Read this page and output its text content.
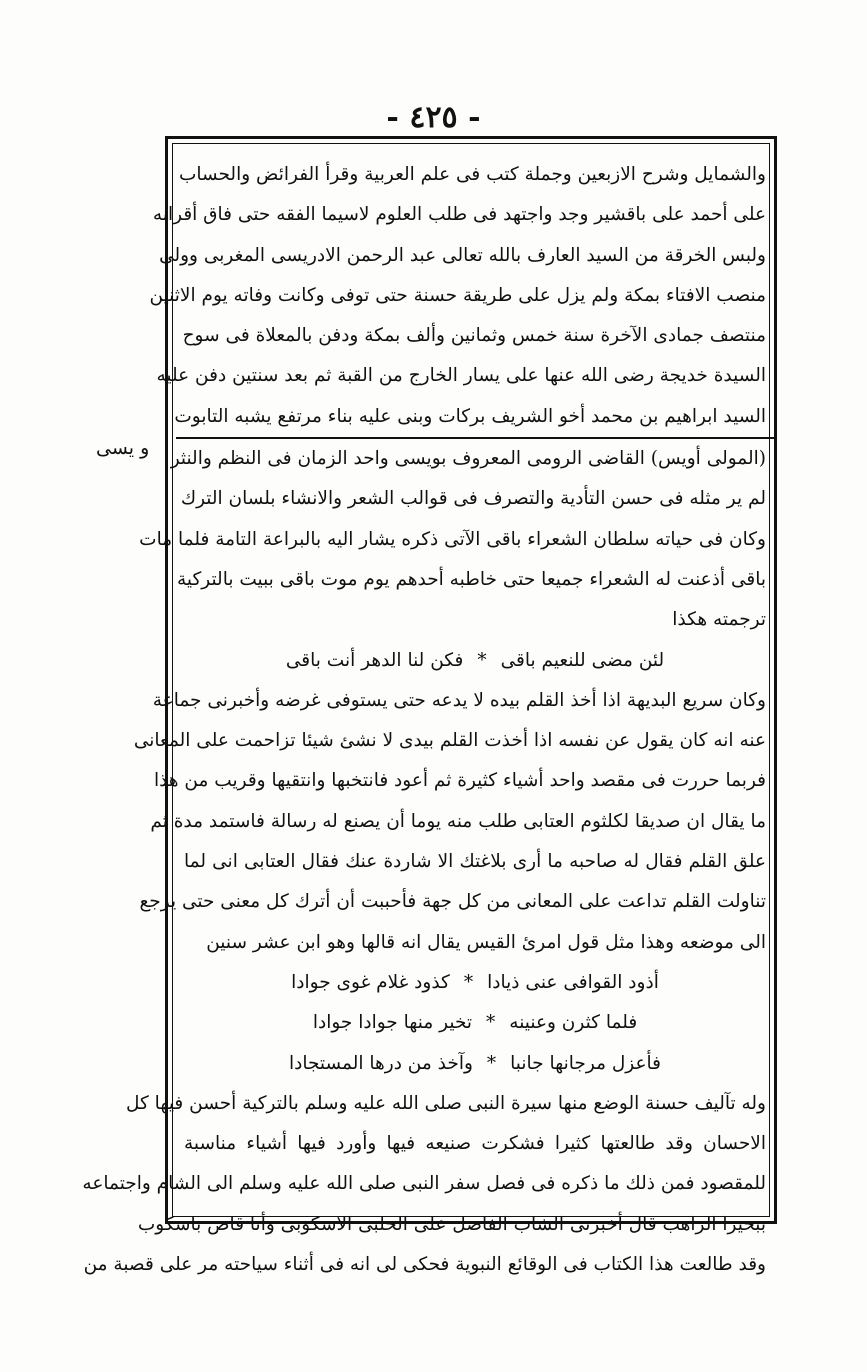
- ٤٢٥ -
و يسى
والشمايل وشرح الازبعين وجملة كتب فى علم العربية وقرأ الفرائض والحساب
على أحمد على باقشير وجد واجتهد فى طلب العلوم لاسيما الفقه حتى فاق أقرانه
ولبس الخرقة من السيد العارف بالله تعالى عبد الرحمن الادريسى المغربى وولى
منصب الافتاء بمكة ولم يزل على طريقة حسنة حتى توفى وكانت وفاته يوم الاثنين
منتصف جمادى الآخرة سنة خمس وثمانين وألف بمكة ودفن بالمعلاة فى سوح
السيدة خديجة رضى الله عنها على يسار الخارج من القبة ثم بعد سنتين دفن عليه
السيد ابراهيم بن محمد أخو الشريف بركات وبنى عليه بناء مرتفع يشبه التابوت
(المولى أويس) القاضى الرومى المعروف بويسى واحد الزمان فى النظم والنثر
لم ير مثله فى حسن التأدية والتصرف فى قوالب الشعر والانشاء بلسان الترك
وكان فى حياته سلطان الشعراء باقى الآتى ذكره يشار اليه بالبراعة التامة فلما مات
باقى أذعنت له الشعراء جميعا حتى خاطبه أحدهم يوم موت باقى ببيت بالتركية
ترجمته هكذا
لئن مضى للنعيم باقى*فكن لنا الدهر أنت باقى
وكان سريع البديهة اذا أخذ القلم بيده لا يدعه حتى يستوفى غرضه وأخبرنى جماعة
عنه انه كان يقول عن نفسه اذا أخذت القلم بيدى لا نشئ شيئا تزاحمت على المعانى
فربما حررت فى مقصد واحد أشياء كثيرة ثم أعود فانتخبها وانتقيها وقريب من هذا
ما يقال ان صديقا لكلثوم العتابى طلب منه يوما أن يصنع له رسالة فاستمد مدة ثم
علق القلم فقال له صاحبه ما أرى بلاغتك الا شاردة عنك فقال العتابى انى لما
تناولت القلم تداعت على المعانى من كل جهة فأحببت أن أترك كل معنى حتى يرجع
الى موضعه وهذا مثل قول امرئ القيس يقال انه قالها وهو ابن عشر سنين
أذود القوافى عنى ذيادا*كذود غلام غوى جوادا
فلما كثرن وعنينه*تخير منها جوادا جوادا
فأعزل مرجانها جانبا*وآخذ من درها المستجادا
وله تآليف حسنة الوضع منها سيرة النبى صلى الله عليه وسلم بالتركية أحسن فيها كل
الاحسان وقد طالعتها كثيرا فشكرت صنيعه فيها وأورد فيها أشياء مناسبة
للمقصود فمن ذلك ما ذكره فى فصل سفر النبى صلى الله عليه وسلم الى الشام واجتماعه
ببحيرا الراهب قال أخبرنى الشاب الفاضل على الحلبى الاسكوبى وأنا قاض باسكوب
وقد طالعت هذا الكتاب فى الوقائع النبوية فحكى لى انه فى أثناء سياحته مر على قصبة من
